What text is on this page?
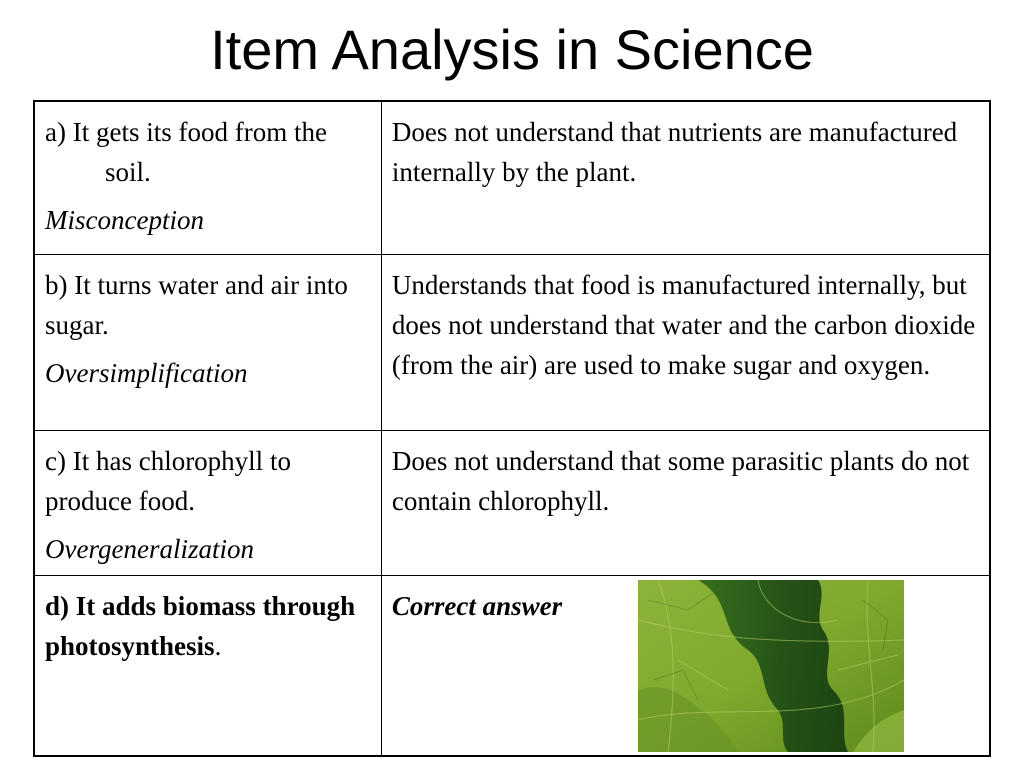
Item Analysis in Science
a) It gets its food from the soil.
Misconception	Does not understand that nutrients are manufactured internally by the plant.

b) It turns water and air into sugar.
Oversimplification	Understands that food is manufactured internally, but does not understand that water and the carbon dioxide (from the air) are used to make sugar and oxygen.

c) It has chlorophyll to produce food.
Overgeneralization	Does not understand that some parasitic plants do not contain chlorophyll.

d) It adds biomass through photosynthesis.	Correct answer
